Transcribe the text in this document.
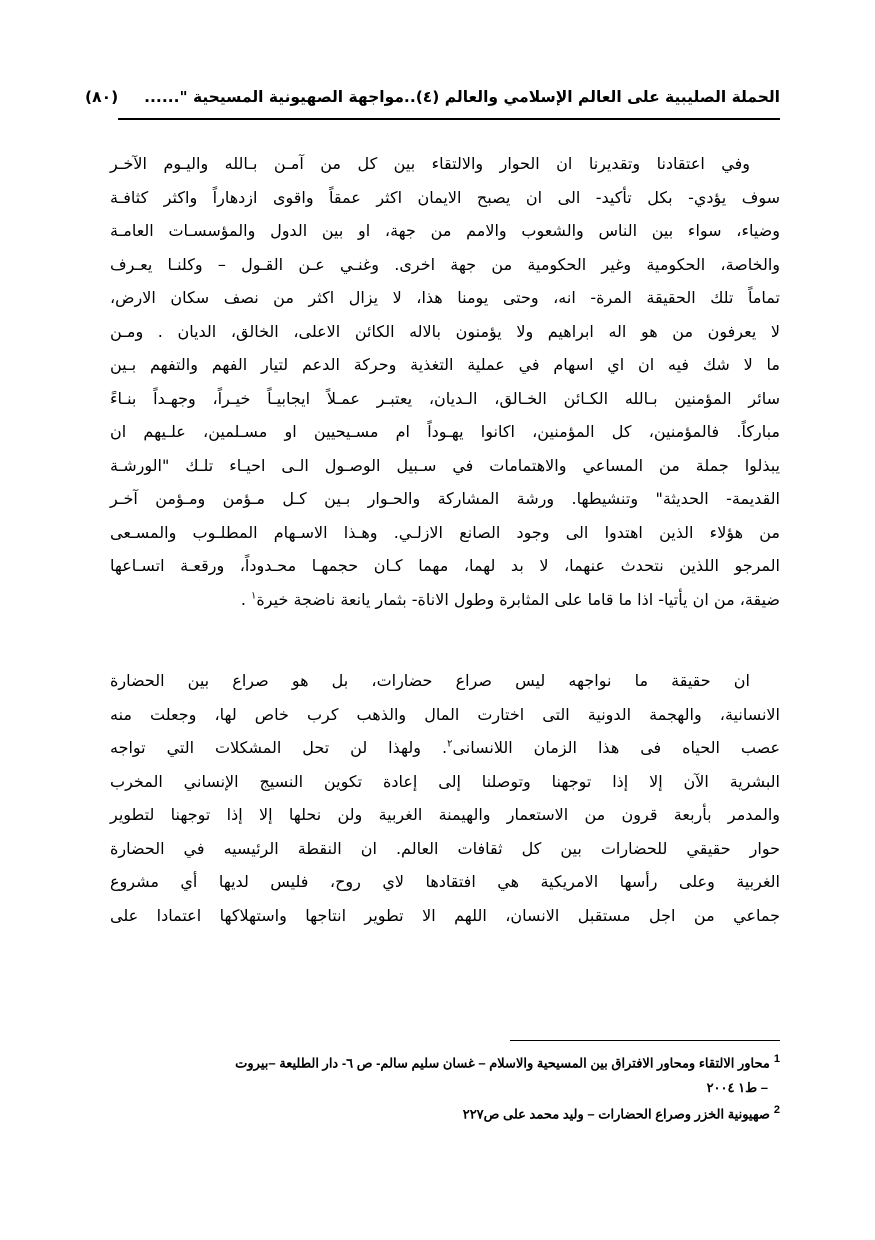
الحملة الصليبية على العالم الإسلامي والعالم (٤)..مواجهة الصهيونية المسيحية "......(٨٠)
وفي اعتقادنا وتقديرنا ان الحوار والالتقاء بين كل من آمـن بـالله واليـوم الآخـر
سوف يؤدي- بكل تأكيد- الى ان يصبح الايمان اكثر عمقاً واقوى ازدهاراً واكثر كثافـة
وضياء، سواء بين الناس والشعوب والامم من جهة، او بين الدول والمؤسسـات العامـة
والخاصة، الحكومية وغير الحكومية من جهة اخرى. وغنـي عـن القـول – وكلنـا يعـرف
تماماً تلك الحقيقة المرة- انه، وحتى يومنا هذا، لا يزال اكثر من نصف سكان الارض،
لا يعرفون من هو اله ابراهيم ولا يؤمنون بالاله الكائن الاعلى، الخالق، الديان . ومـن
ما لا شك فيه ان اي اسهام في عملية التغذية وحركة الدعم لتيار الفهم والتفهم بـين
سائر المؤمنين بـالله الكـائن الخـالق، الـديان، يعتبـر عمـلاً ايجابيـاً خيـراً، وجهـداً بنـاءً
مباركاً. فالمؤمنين، كل المؤمنين، اكانوا يهـوداً ام مسـيحيين او مسـلمين، علـيهم ان
يبذلوا جملة من المساعي والاهتمامات في سـبيل الوصـول الـى احيـاء تلـك "الورشـة
القديمة- الحديثة" وتنشيطها. ورشة المشاركة والحـوار بـين كـل مـؤمن ومـؤمن آخـر
من هؤلاء الذين اهتدوا الى وجود الصانع الازلـي. وهـذا الاسـهام المطلـوب والمسـعى
المرجو اللذين نتحدث عنهما، لا بد لهما، مهما كـان حجمهـا محـدوداً، ورقعـة اتسـاعها
ضيقة، من ان يأتيا- اذا ما قاما على المثابرة وطول الاناة- بثمار يانعة ناضجة خيرة$^١$ .
ان حقيقة ما نواجهه ليس صراع حضارات، بل هو صراع بين الحضارة
الانسانية، والهجمة الدونية التى اختارت المال والذهب كرب خاص لها، وجعلت منه
عصب الحياه فى هذا الزمان اللانسانى$^٢$. ولهذا لن تحل المشكلات التي تواجه
البشرية الآن إلا إذا توجهنا وتوصلنا إلى إعادة تكوين النسيج الإنساني المخرب
والمدمر بأربعة قرون من الاستعمار والهيمنة الغربية ولن نحلها إلا إذا توجهنا لتطوير
حوار حقيقي للحضارات بين كل ثقافات العالم. ان النقطة الرئيسيه في الحضارة
الغربية وعلى رأسها الامريكية هي افتقادها لاي روح، فليس لديها أي مشروع
جماعي من اجل مستقبل الانسان، اللهم الا تطوير انتاجها واستهلاكها اعتمادا على
$^1$محاور الالتقاء ومحاور الافتراق بين المسيحية والاسلام – غسان سليم سالم- ص ٦- دار الطليعة –بيروت
– ط١ ٢٠٠٤
$^2$صهيونية الخزر وصراع الحضارات – وليد محمد على ص٢٢٧
